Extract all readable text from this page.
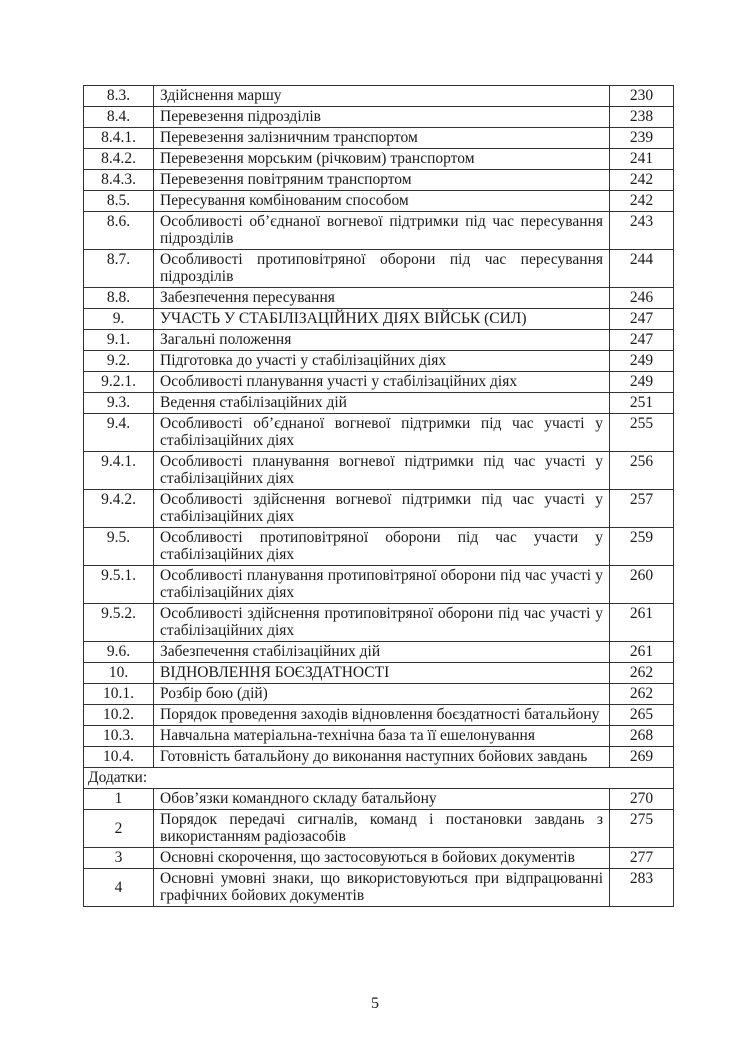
8.3.	Здійснення маршу	230
8.4.	Перевезення підрозділів	238
8.4.1.	Перевезення залізничним транспортом	239
8.4.2.	Перевезення морським (річковим) транспортом	241
8.4.3.	Перевезення повітряним транспортом	242
8.5.	Пересування комбінованим способом	242
8.6.	Особливості об’єднаної вогневої підтримки під час пересування підрозділів	243
8.7.	Особливості протиповітряної оборони під час пересування підрозділів	244
8.8.	Забезпечення пересування	246
9.	УЧАСТЬ У СТАБІЛІЗАЦІЙНИХ ДІЯХ ВІЙСЬК (СИЛ)	247
9.1.	Загальні положення	247
9.2.	Підготовка до участі у стабілізаційних діях	249
9.2.1.	Особливості планування участі у стабілізаційних діях	249
9.3.	Ведення стабілізаційних дій	251
9.4.	Особливості об’єднаної вогневої підтримки під час участі у стабілізаційних діях	255
9.4.1.	Особливості планування вогневої підтримки під час участі у стабілізаційних діях	256
9.4.2.	Особливості здійснення вогневої підтримки під час участі у стабілізаційних діях	257
9.5.	Особливості протиповітряної оборони під час участи у стабілізаційних діях	259
9.5.1.	Особливості планування протиповітряної оборони під час участі у стабілізаційних діях	260
9.5.2.	Особливості здійснення протиповітряної оборони під час участі у стабілізаційних діях	261
9.6.	Забезпечення стабілізаційних дій	261
10.	ВІДНОВЛЕННЯ БОЄЗДАТНОСТІ	262
10.1.	Розбір бою (дій)	262
10.2.	Порядок проведення заходів відновлення боєздатності батальйону	265
10.3.	Навчальна матеріальна-технічна база та її ешелонування	268
10.4.	Готовність батальйону до виконання наступних бойових завдань	269
Додатки:		
1	Обов’язки командного складу батальйону	270
2	Порядок передачі сигналів, команд і постановки завдань з використанням радіозасобів	275
3	Основні скорочення, що застосовуються в бойових документів	277
4	Основні умовні знаки, що використовуються при відпрацюванні графічних бойових документів	283
5
